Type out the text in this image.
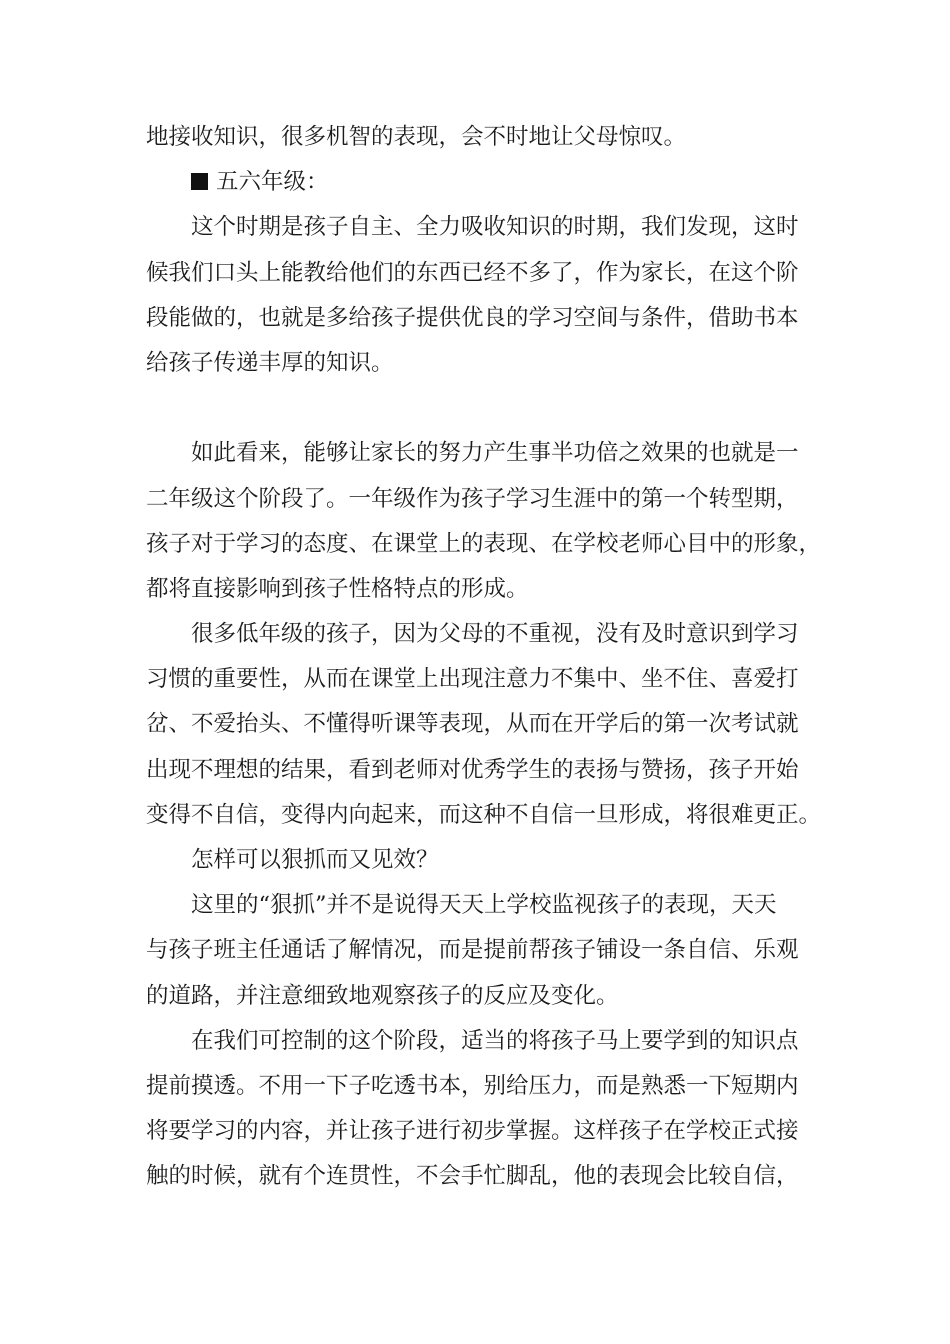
地接收知识，很多机智的表现，会不时地让父母惊叹。
五六年级：
这个时期是孩子自主、全力吸收知识的时期，我们发现，这时
候我们口头上能教给他们的东西已经不多了，作为家长，在这个阶
段能做的，也就是多给孩子提供优良的学习空间与条件，借助书本
给孩子传递丰厚的知识。
如此看来，能够让家长的努力产生事半功倍之效果的也就是一
二年级这个阶段了。一年级作为孩子学习生涯中的第一个转型期，
孩子对于学习的态度、在课堂上的表现、在学校老师心目中的形象，
都将直接影响到孩子性格特点的形成。
很多低年级的孩子，因为父母的不重视，没有及时意识到学习
习惯的重要性，从而在课堂上出现注意力不集中、坐不住、喜爱打
岔、不爱抬头、不懂得听课等表现，从而在开学后的第一次考试就
出现不理想的结果，看到老师对优秀学生的表扬与赞扬，孩子开始
变得不自信，变得内向起来，而这种不自信一旦形成，将很难更正。
怎样可以狠抓而又见效？
这里的“狠抓”并不是说得天天上学校监视孩子的表现，天天
与孩子班主任通话了解情况，而是提前帮孩子铺设一条自信、乐观
的道路，并注意细致地观察孩子的反应及变化。
在我们可控制的这个阶段，适当的将孩子马上要学到的知识点
提前摸透。不用一下子吃透书本，别给压力，而是熟悉一下短期内
将要学习的内容，并让孩子进行初步掌握。这样孩子在学校正式接
触的时候，就有个连贯性，不会手忙脚乱，他的表现会比较自信，
